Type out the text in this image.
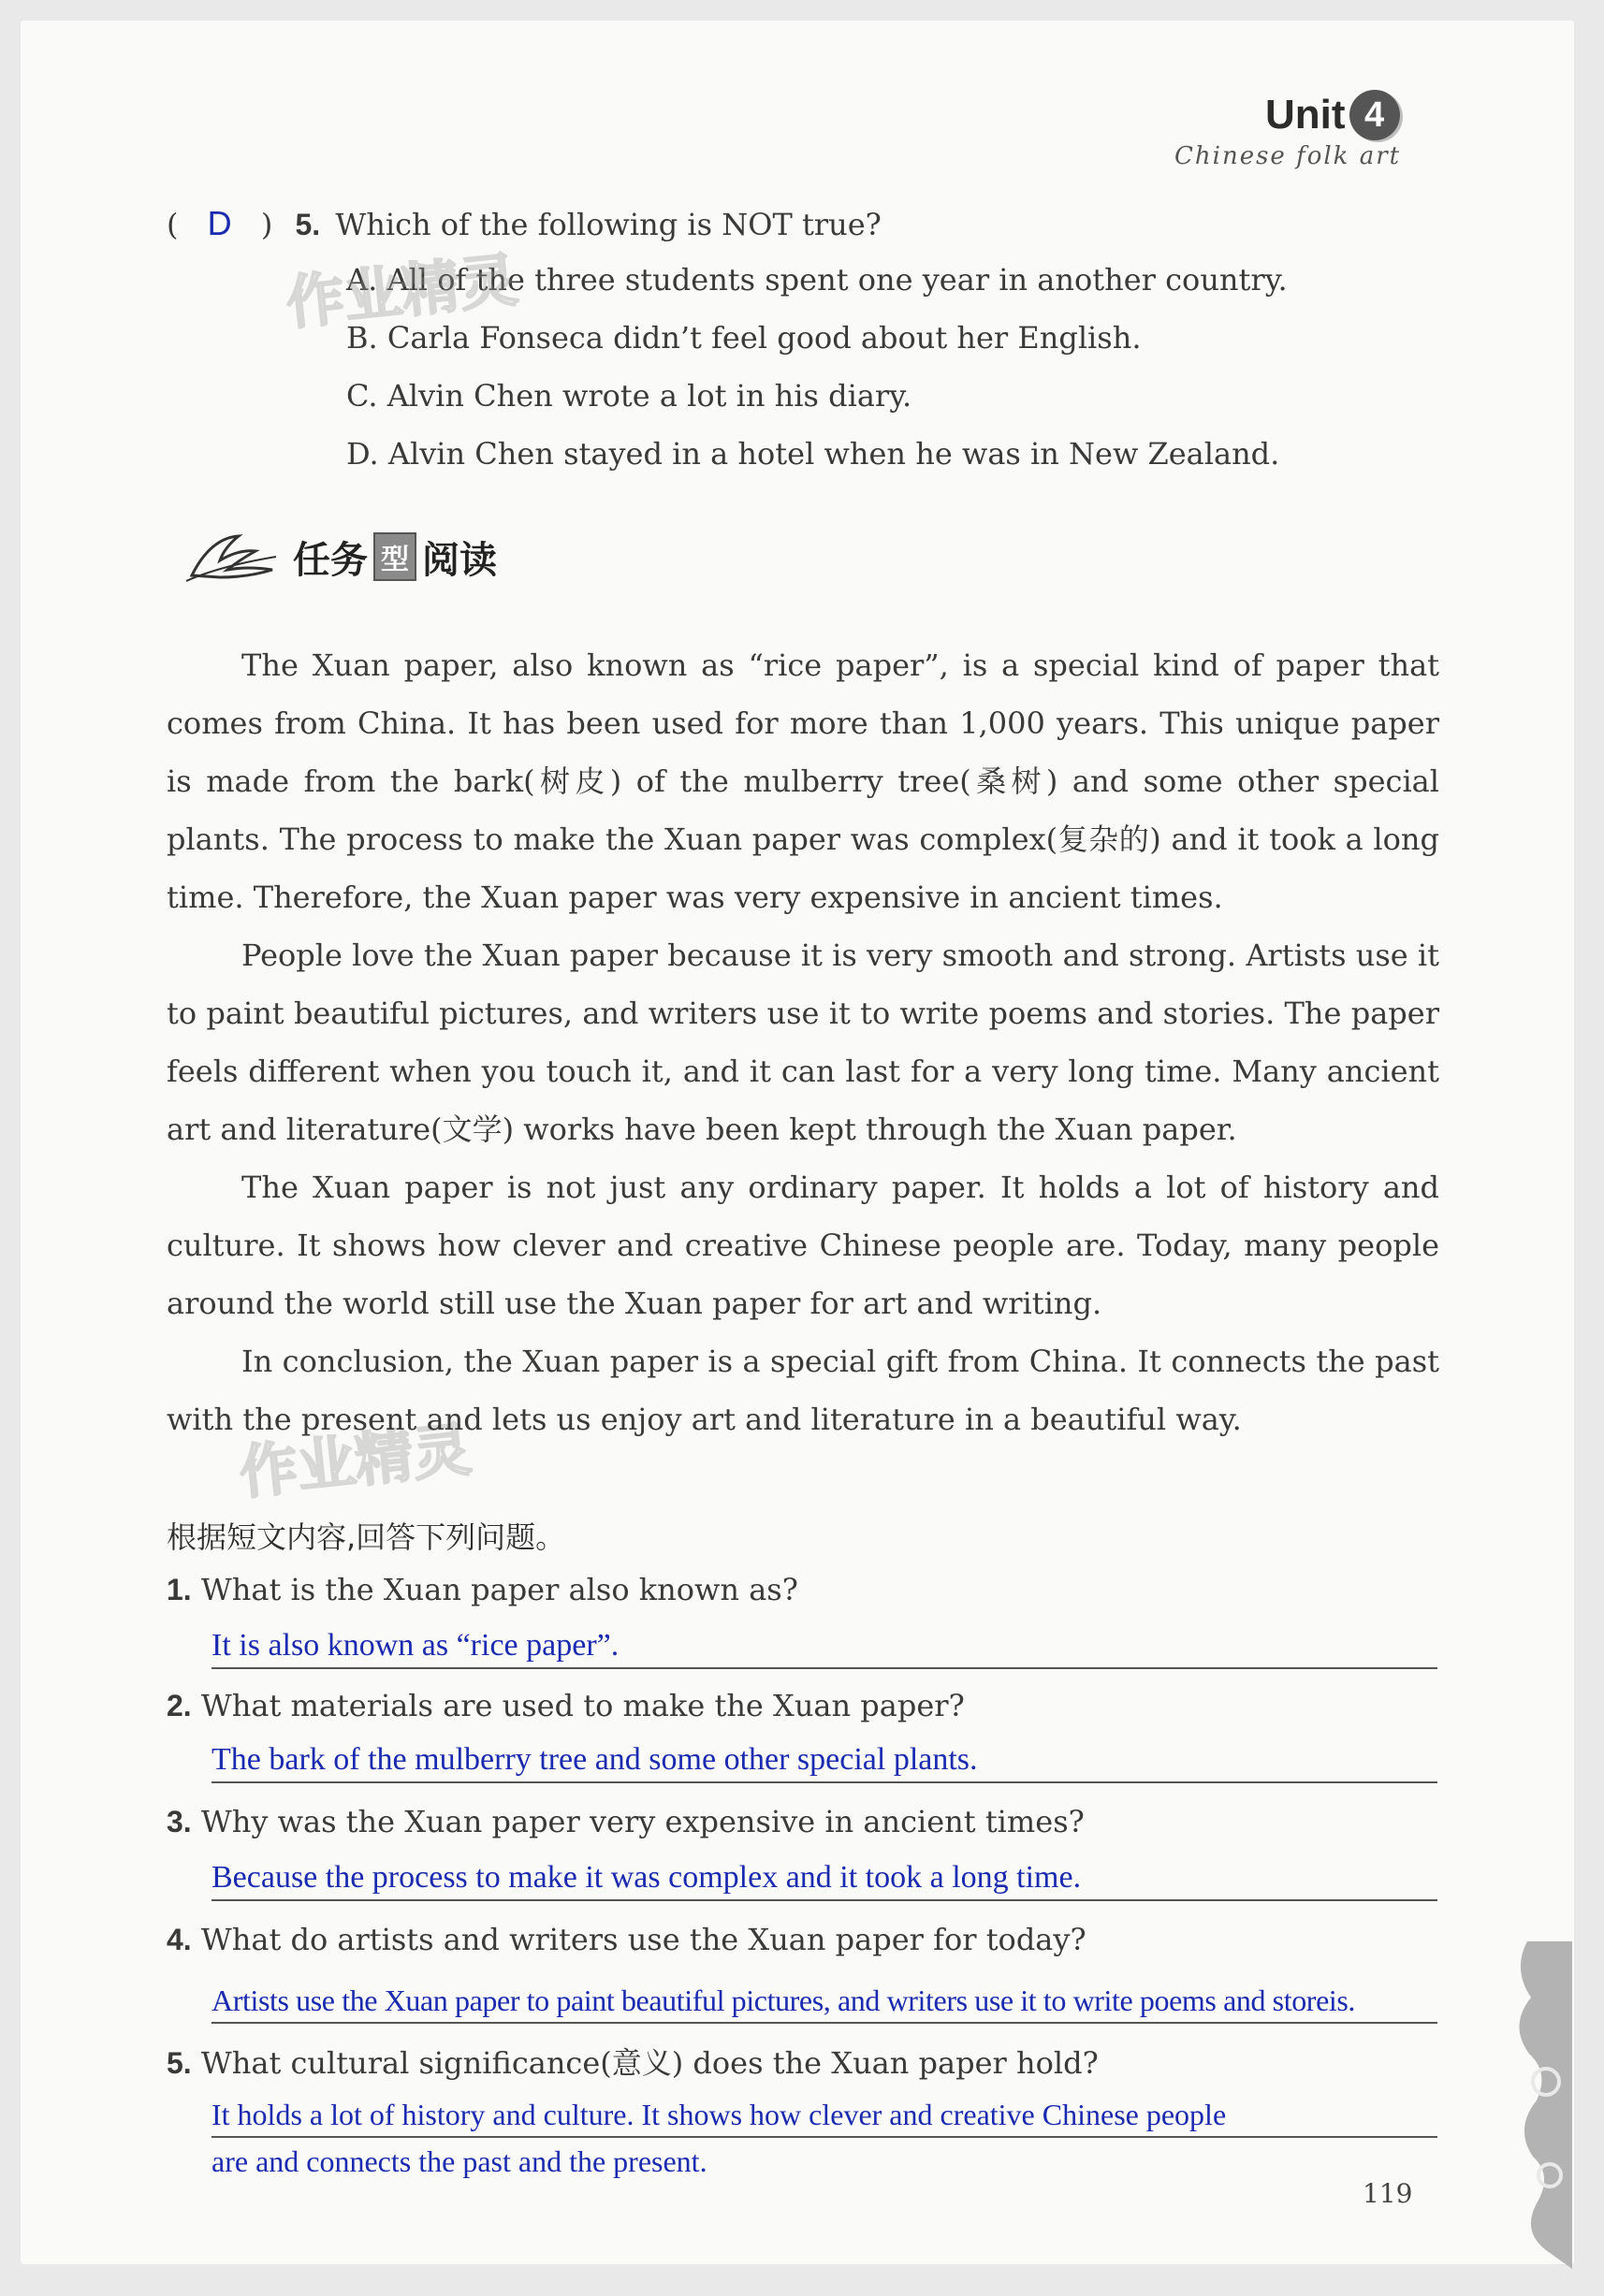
Unit 4
Chinese folk art
( D ) 5. Which of the following is NOT true?
A. All of the three students spent one year in another country.
B. Carla Fonseca didn’t feel good about her English.
C. Alvin Chen wrote a lot in his diary.
D. Alvin Chen stayed in a hotel when he was in New Zealand.
作业精灵
作业精灵
任务 型 阅读

The Xuan paper, also known as “rice paper”, is a special kind of paper that comes from China. It has been used for more than 1,000 years. This unique paper is made from the bark(树皮) of the mulberry tree(桑树) and some other special plants. The process to make the Xuan paper was complex(复杂的) and it took a long time. Therefore, the Xuan paper was very expensive in ancient times.

People love the Xuan paper because it is very smooth and strong. Artists use it to paint beautiful pictures, and writers use it to write poems and stories. The paper feels different when you touch it, and it can last for a very long time. Many ancient art and literature(文学) works have been kept through the Xuan paper.

The Xuan paper is not just any ordinary paper. It holds a lot of history and culture. It shows how clever and creative Chinese people are. Today, many people around the world still use the Xuan paper for art and writing.

In conclusion, the Xuan paper is a special gift from China. It connects the past with the present and lets us enjoy art and literature in a beautiful way.

根据短文内容,回答下列问题。
1. What is the Xuan paper also known as?
It is also known as “rice paper”.
2. What materials are used to make the Xuan paper?
The bark of the mulberry tree and some other special plants.
3. Why was the Xuan paper very expensive in ancient times?
Because the process to make it was complex and it took a long time.
4. What do artists and writers use the Xuan paper for today?
Artists use the Xuan paper to paint beautiful pictures, and writers use it to write poems and storeis.
5. What cultural significance(意义) does the Xuan paper hold?
It holds a lot of history and culture. It shows how clever and creative Chinese people
are and connects the past and the present.
119
